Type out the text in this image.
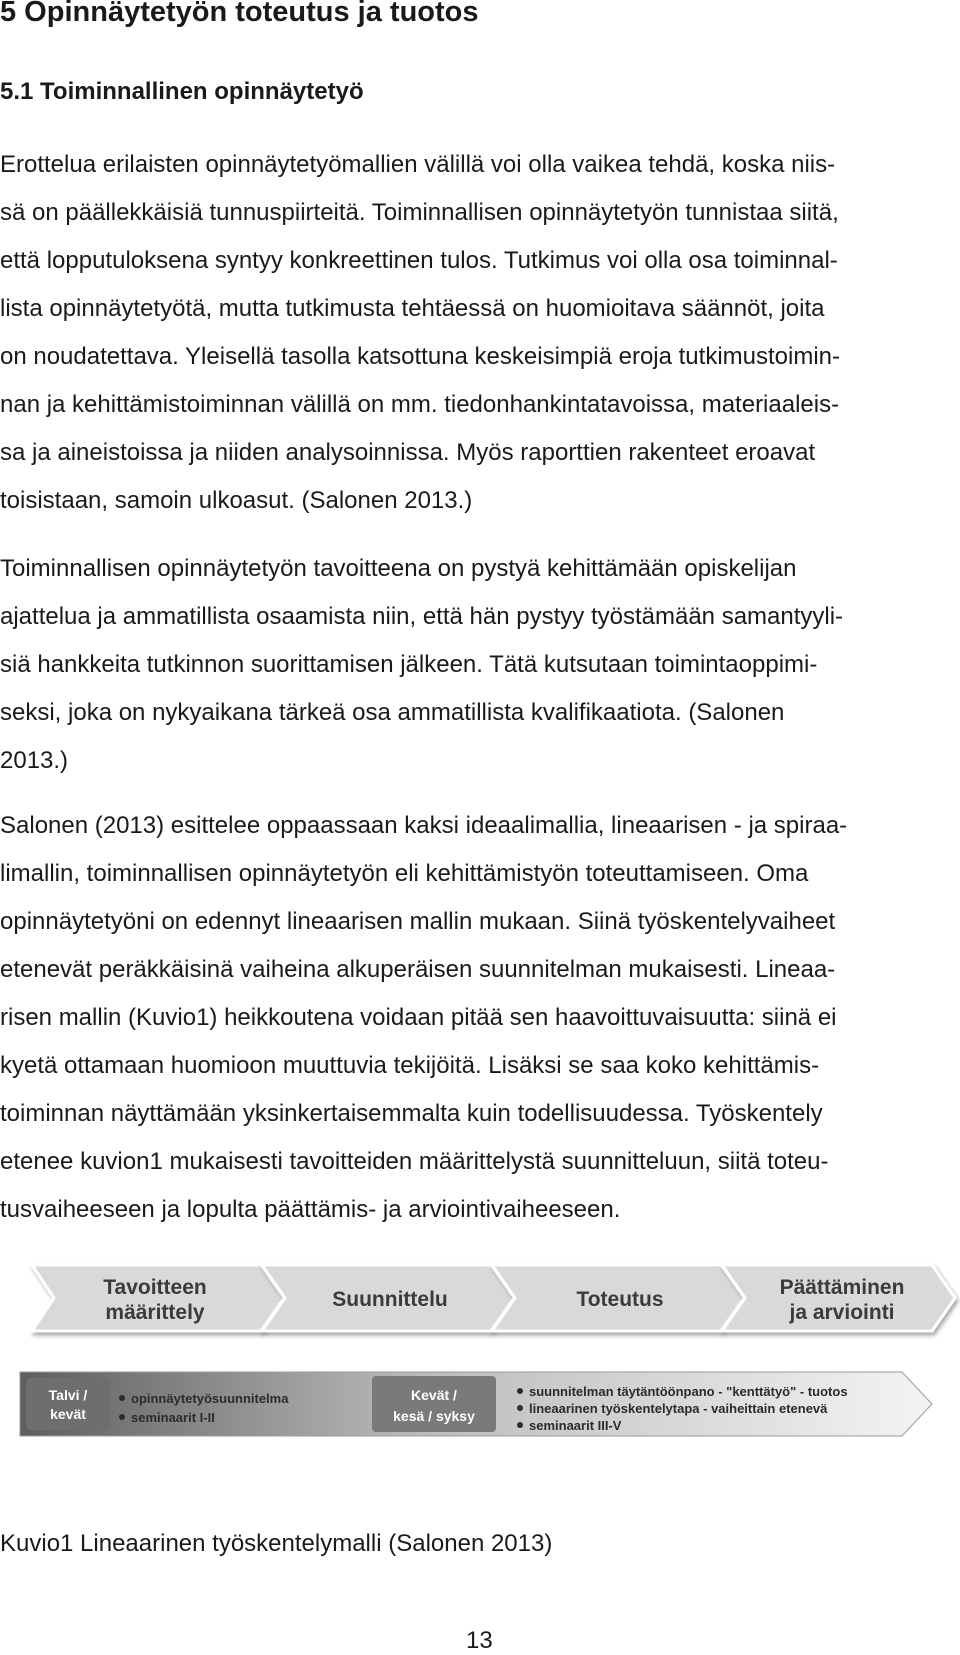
5 Opinnäytetyön toteutus ja tuotos
5.1 Toiminnallinen opinnäytetyö
Erottelua erilaisten opinnäytetyömallien välillä voi olla vaikea tehdä, koska niis-
sä on päällekkäisiä tunnuspiirteitä. Toiminnallisen opinnäytetyön tunnistaa siitä,
että lopputuloksena syntyy konkreettinen tulos. Tutkimus voi olla osa toiminnal-
lista opinnäytetyötä, mutta tutkimusta tehtäessä on huomioitava säännöt, joita
on noudatettava. Yleisellä tasolla katsottuna keskeisimpiä eroja tutkimustoimin-
nan ja kehittämistoiminnan välillä on mm. tiedonhankintatavoissa, materiaaleis-
sa ja aineistoissa ja niiden analysoinnissa. Myös raporttien rakenteet eroavat
toisistaan, samoin ulkoasut. (Salonen 2013.)
Toiminnallisen opinnäytetyön tavoitteena on pystyä kehittämään opiskelijan
ajattelua ja ammatillista osaamista niin, että hän pystyy työstämään samantyyli-
siä hankkeita tutkinnon suorittamisen jälkeen. Tätä kutsutaan toimintaoppimi-
seksi, joka on nykyaikana tärkeä osa ammatillista kvalifikaatiota. (Salonen
2013.)
Salonen (2013) esittelee oppaassaan kaksi ideaalimallia, lineaarisen - ja spiraa-
limallin, toiminnallisen opinnäytetyön eli kehittämistyön toteuttamiseen. Oma
opinnäytetyöni on edennyt lineaarisen mallin mukaan. Siinä työskentelyvaiheet
etenevät peräkkäisinä vaiheina alkuperäisen suunnitelman mukaisesti. Lineaa-
risen mallin (Kuvio1) heikkoutena voidaan pitää sen haavoittuvaisuutta: siinä ei
kyetä ottamaan huomioon muuttuvia tekijöitä. Lisäksi se saa koko kehittämis-
toiminnan näyttämään yksinkertaisemmalta kuin todellisuudessa. Työskentely
etenee kuvion1 mukaisesti tavoitteiden määrittelystä suunnitteluun, siitä toteu-
tusvaiheeseen ja lopulta päättämis- ja arviointivaiheeseen.
Tavoitteen
määrittely
Suunnittelu	Toteutus
Päättäminen
ja arviointi
Talvi /
kevät
opinnäytetyösuunnitelma
seminaarit I-II
Kevät /
kesä / syksy
suunnitelman täytäntöönpano - "kenttätyö" - tuotos
lineaarinen työskentelytapa - vaiheittain etenevä
seminaarit III-V
Kuvio1 Lineaarinen työskentelymalli (Salonen 2013)
13
